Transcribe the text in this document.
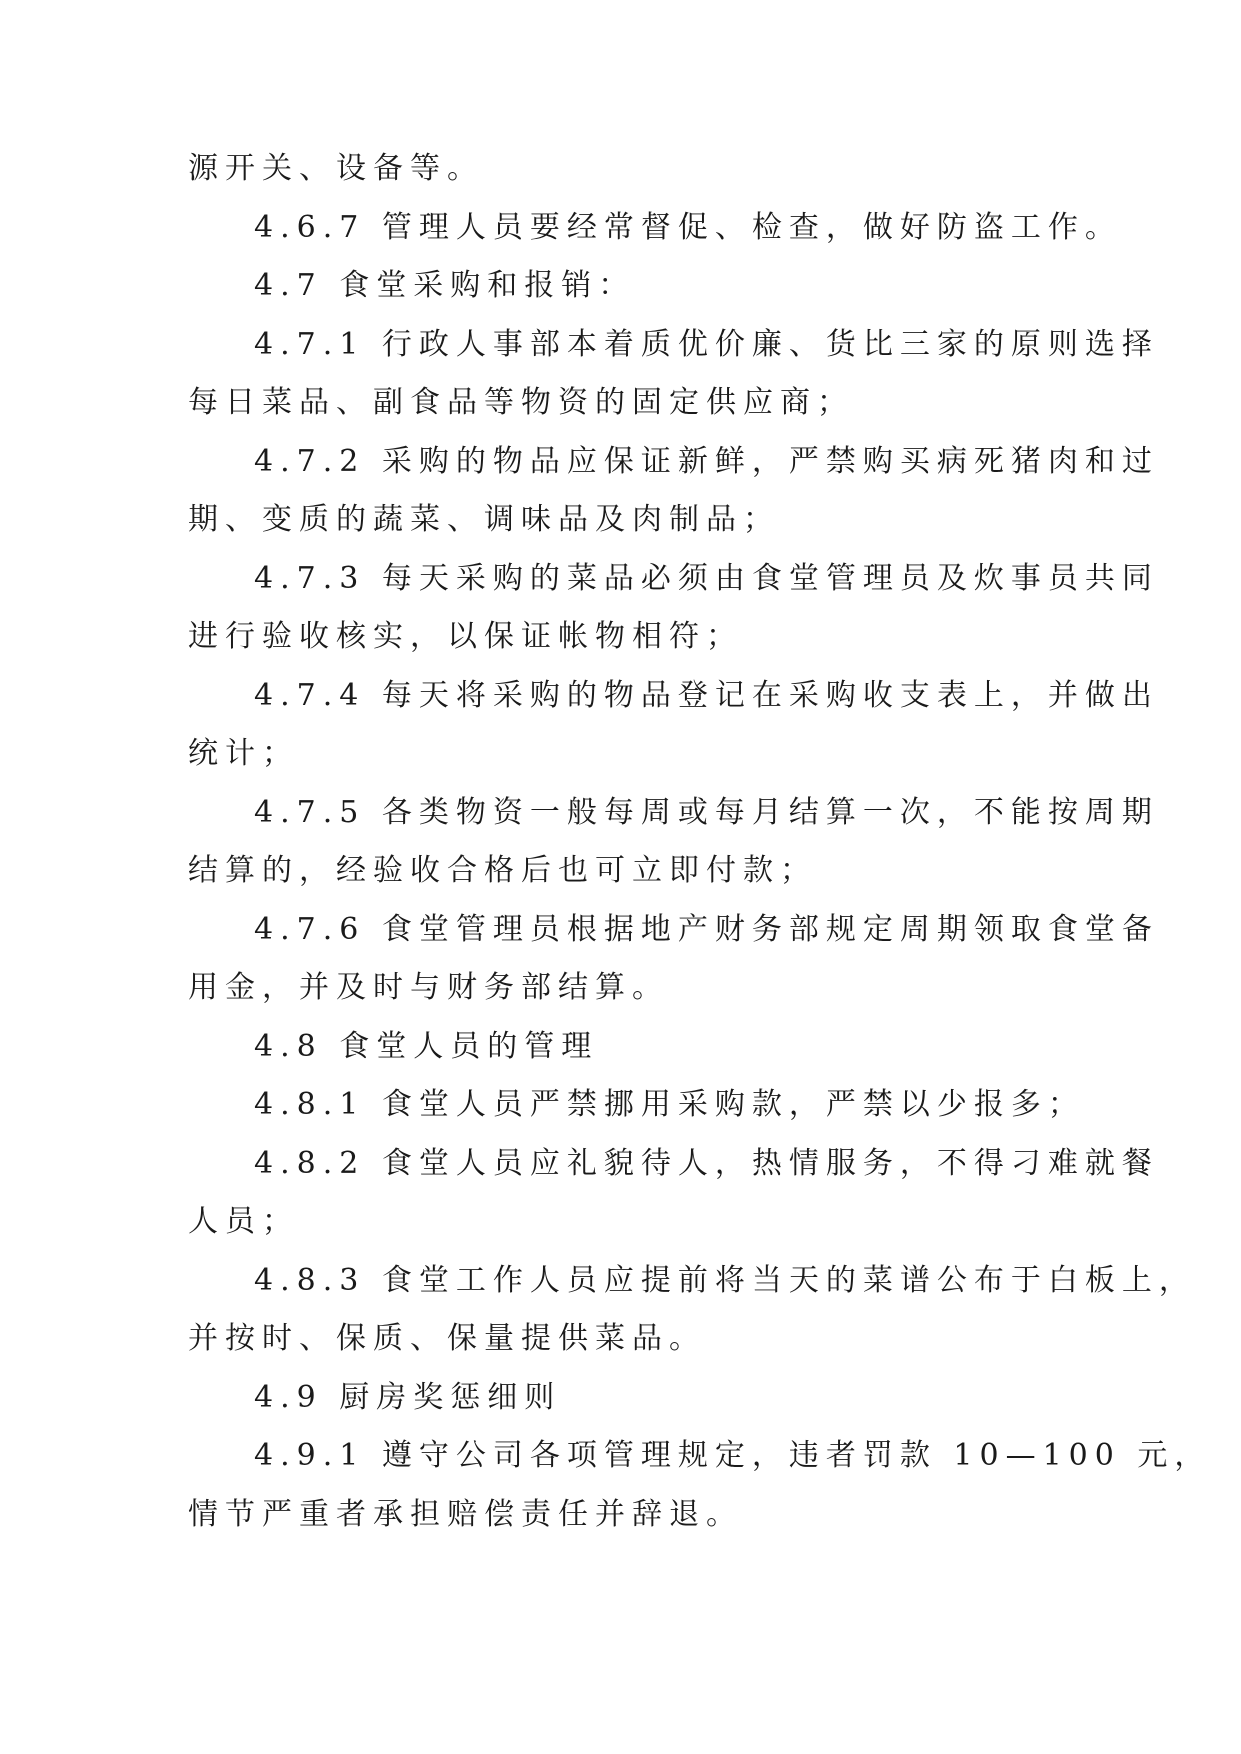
源开关、设备等。
4.6.7 管理人员要经常督促、检查，做好防盗工作。
4.7 食堂采购和报销：
4.7.1 行政人事部本着质优价廉、货比三家的原则选择
每日菜品、副食品等物资的固定供应商；
4.7.2 采购的物品应保证新鲜，严禁购买病死猪肉和过
期、变质的蔬菜、调味品及肉制品；
4.7.3 每天采购的菜品必须由食堂管理员及炊事员共同
进行验收核实，以保证帐物相符；
4.7.4 每天将采购的物品登记在采购收支表上，并做出
统计；
4.7.5 各类物资一般每周或每月结算一次，不能按周期
结算的，经验收合格后也可立即付款；
4.7.6 食堂管理员根据地产财务部规定周期领取食堂备
用金，并及时与财务部结算。
4.8 食堂人员的管理
4.8.1 食堂人员严禁挪用采购款，严禁以少报多；
4.8.2 食堂人员应礼貌待人，热情服务，不得刁难就餐
人员；
4.8.3 食堂工作人员应提前将当天的菜谱公布于白板上，
并按时、保质、保量提供菜品。
4.9 厨房奖惩细则
4.9.1 遵守公司各项管理规定，违者罚款 10—100 元，
情节严重者承担赔偿责任并辞退。
